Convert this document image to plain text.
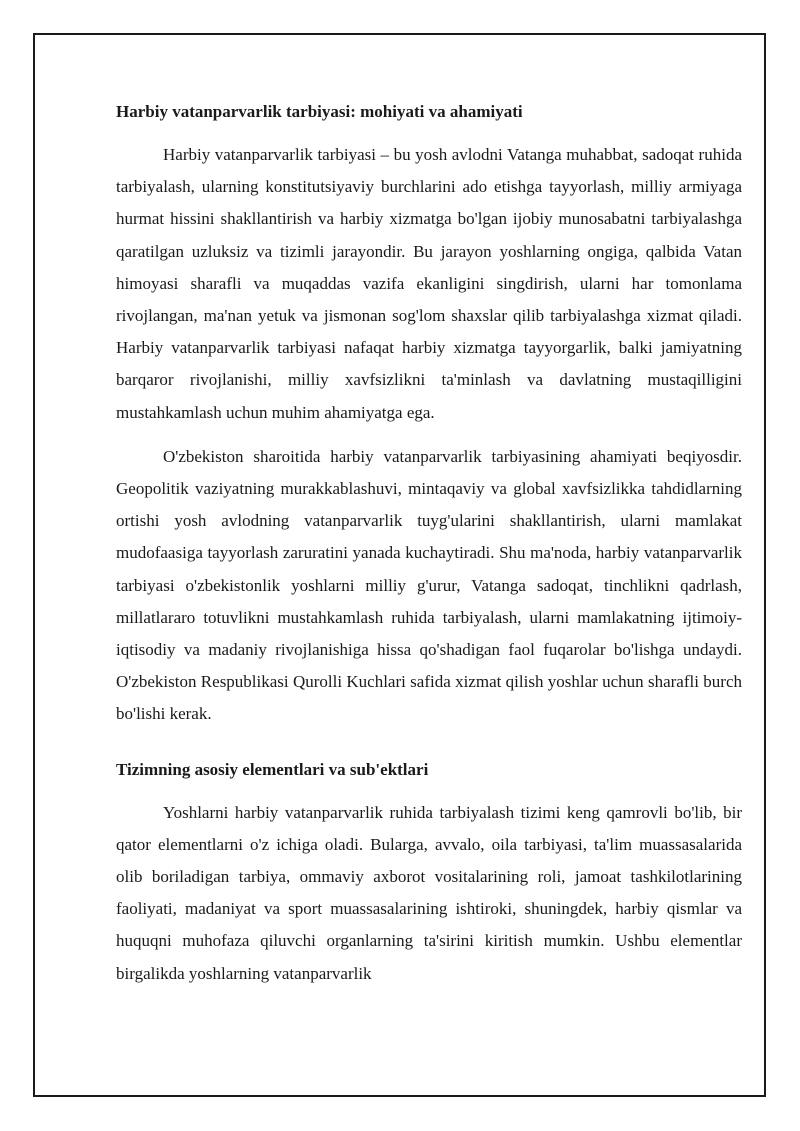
Harbiy vatanparvarlik tarbiyasi: mohiyati va ahamiyati

Harbiy vatanparvarlik tarbiyasi – bu yosh avlodni Vatanga muhabbat, sadoqat ruhida tarbiyalash, ularning konstitutsiyaviy burchlarini ado etishga tayyorlash, milliy armiyaga hurmat hissini shakllantirish va harbiy xizmatga bo'lgan ijobiy munosabatni tarbiyalashga qaratilgan uzluksiz va tizimli jarayondir. Bu jarayon yoshlarning ongiga, qalbida Vatan himoyasi sharafli va muqaddas vazifa ekanligini singdirish, ularni har tomonlama rivojlangan, ma'nan yetuk va jismonan sog'lom shaxslar qilib tarbiyalashga xizmat qiladi. Harbiy vatanparvarlik tarbiyasi nafaqat harbiy xizmatga tayyorgarlik, balki jamiyatning barqaror rivojlanishi, milliy xavfsizlikni ta'minlash va davlatning mustaqilligini mustahkamlash uchun muhim ahamiyatga ega.

O'zbekiston sharoitida harbiy vatanparvarlik tarbiyasining ahamiyati beqiyosdir. Geopolitik vaziyatning murakkablashuvi, mintaqaviy va global xavfsizlikka tahdidlarning ortishi yosh avlodning vatanparvarlik tuyg'ularini shakllantirish, ularni mamlakat mudofaasiga tayyorlash zaruratini yanada kuchaytiradi. Shu ma'noda, harbiy vatanparvarlik tarbiyasi o'zbekistonlik yoshlarni milliy g'urur, Vatanga sadoqat, tinchlikni qadrlash, millatlararo totuvlikni mustahkamlash ruhida tarbiyalash, ularni mamlakatning ijtimoiy-iqtisodiy va madaniy rivojlanishiga hissa qo'shadigan faol fuqarolar bo'lishga undaydi. O'zbekiston Respublikasi Qurolli Kuchlari safida xizmat qilish yoshlar uchun sharafli burch bo'lishi kerak.

Tizimning asosiy elementlari va sub'ektlari

Yoshlarni harbiy vatanparvarlik ruhida tarbiyalash tizimi keng qamrovli bo'lib, bir qator elementlarni o'z ichiga oladi. Bularga, avvalo, oila tarbiyasi, ta'lim muassasalarida olib boriladigan tarbiya, ommaviy axborot vositalarining roli, jamoat tashkilotlarining faoliyati, madaniyat va sport muassasalarining ishtiroki, shuningdek, harbiy qismlar va huquqni muhofaza qiluvchi organlarning ta'sirini kiritish mumkin. Ushbu elementlar birgalikda yoshlarning vatanparvarlik
